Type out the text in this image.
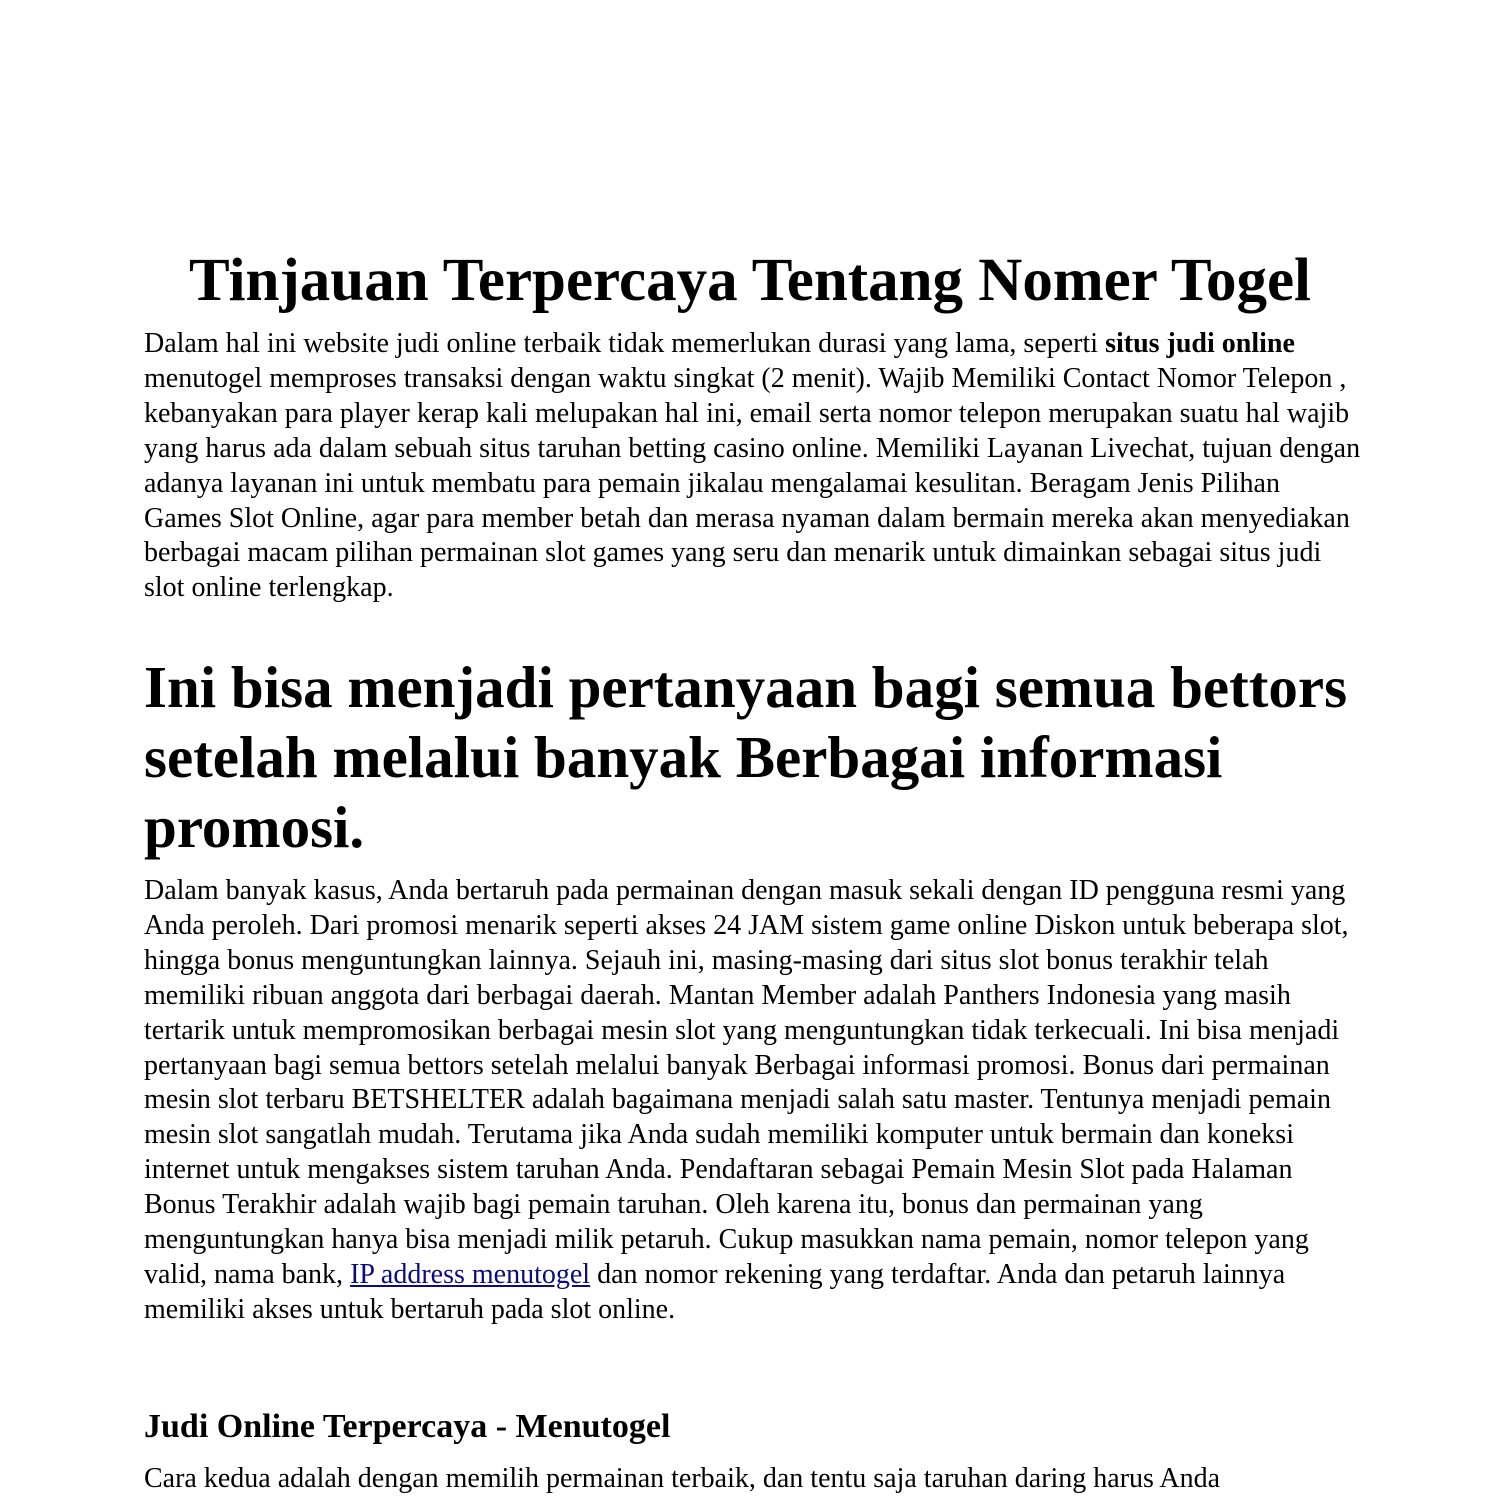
Tinjauan Terpercaya Tentang Nomer Togel

Dalam hal ini website judi online terbaik tidak memerlukan durasi yang lama, seperti situs judi online menutogel memproses transaksi dengan waktu singkat (2 menit). Wajib Memiliki Contact Nomor Telepon , kebanyakan para player kerap kali melupakan hal ini, email serta nomor telepon merupakan suatu hal wajib yang harus ada dalam sebuah situs taruhan betting casino online. Memiliki Layanan Livechat, tujuan dengan adanya layanan ini untuk membatu para pemain jikalau mengalamai kesulitan. Beragam Jenis Pilihan Games Slot Online, agar para member betah dan merasa nyaman dalam bermain mereka akan menyediakan berbagai macam pilihan permainan slot games yang seru dan menarik untuk dimainkan sebagai situs judi slot online terlengkap.

Ini bisa menjadi pertanyaan bagi semua bettors setelah melalui banyak Berbagai informasi promosi.

Dalam banyak kasus, Anda bertaruh pada permainan dengan masuk sekali dengan ID pengguna resmi yang Anda peroleh. Dari promosi menarik seperti akses 24 JAM sistem game online Diskon untuk beberapa slot, hingga bonus menguntungkan lainnya. Sejauh ini, masing-masing dari situs slot bonus terakhir telah memiliki ribuan anggota dari berbagai daerah. Mantan Member adalah Panthers Indonesia yang masih tertarik untuk mempromosikan berbagai mesin slot yang menguntungkan tidak terkecuali. Ini bisa menjadi pertanyaan bagi semua bettors setelah melalui banyak Berbagai informasi promosi. Bonus dari permainan mesin slot terbaru BETSHELTER adalah bagaimana menjadi salah satu master. Tentunya menjadi pemain mesin slot sangatlah mudah. Terutama jika Anda sudah memiliki komputer untuk bermain dan koneksi internet untuk mengakses sistem taruhan Anda. Pendaftaran sebagai Pemain Mesin Slot pada Halaman Bonus Terakhir adalah wajib bagi pemain taruhan. Oleh karena itu, bonus dan permainan yang menguntungkan hanya bisa menjadi milik petaruh. Cukup masukkan nama pemain, nomor telepon yang valid, nama bank, IP address menutogel dan nomor rekening yang terdaftar. Anda dan petaruh lainnya memiliki akses untuk bertaruh pada slot online.

Judi Online Terpercaya - Menutogel

Cara kedua adalah dengan memilih permainan terbaik, dan tentu saja taruhan daring harus Anda
